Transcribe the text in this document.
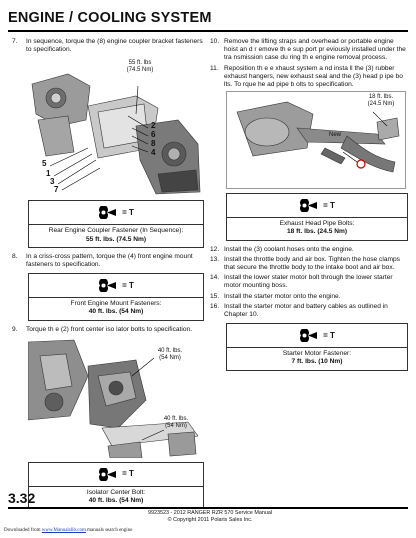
ENGINE / COOLING SYSTEM
7.	In sequence, torque the (8) engine coupler bracket fasteners to specification.
55 ft. lbs
(74.5 Nm)
2
6
8
4
5
1
3
7
= T
Rear Engine Coupler Fastener (In Sequence):
55 ft. lbs. (74.5 Nm)
8.	In a criss-cross pattern, torque the (4) front engine mount fasteners to specification.
= T
Front Engine Mount Fasteners:
40 ft. lbs. (54 Nm)
9.	Torque th e (2) front center iso lator bolts to specification.
40 ft. lbs.
(54 Nm)
40 ft. lbs.
(54 Nm)
= T
Isolator Center Bolt:
40 ft. lbs. (54 Nm)
10. Remove the lifting straps and overhead or portable engine hoist an d r emove th e sup port pr eviously installed under the tra nsmission case du ring th e engine removal process.
11. Reposition th e e xhaust system a nd insta ll the (3) rubber exhaust hangers, new exhaust seal and the (3) head p ipe bo lts. To rque he ad pipe b olts to specification.
18 ft. lbs.
(24.5 Nm)
New
= T
Exhaust Head Pipe Bolts:
18 ft. lbs. (24.5 Nm)
12. Install the (3) coolant hoses onto the engine.
13. Install the throttle body and air box. Tighten the hose clamps that secure the throttle body to the intake boot and air box.
14. Install the lower stater motor bolt through the lower starter motor mounting boss.
15. Install the starter motor onto the engine.
16. Install the starter motor and battery cables as outlined in Chapter 10.
= T
Starter Motor Fastener:
7 ft. lbs. (10 Nm)
3.32
9923523 - 2012 RANGER RZR 570 Service Manual
© Copyright 2011 Polaris Sales Inc.
Downloaded from www.Manualslib.com manuals search engine
